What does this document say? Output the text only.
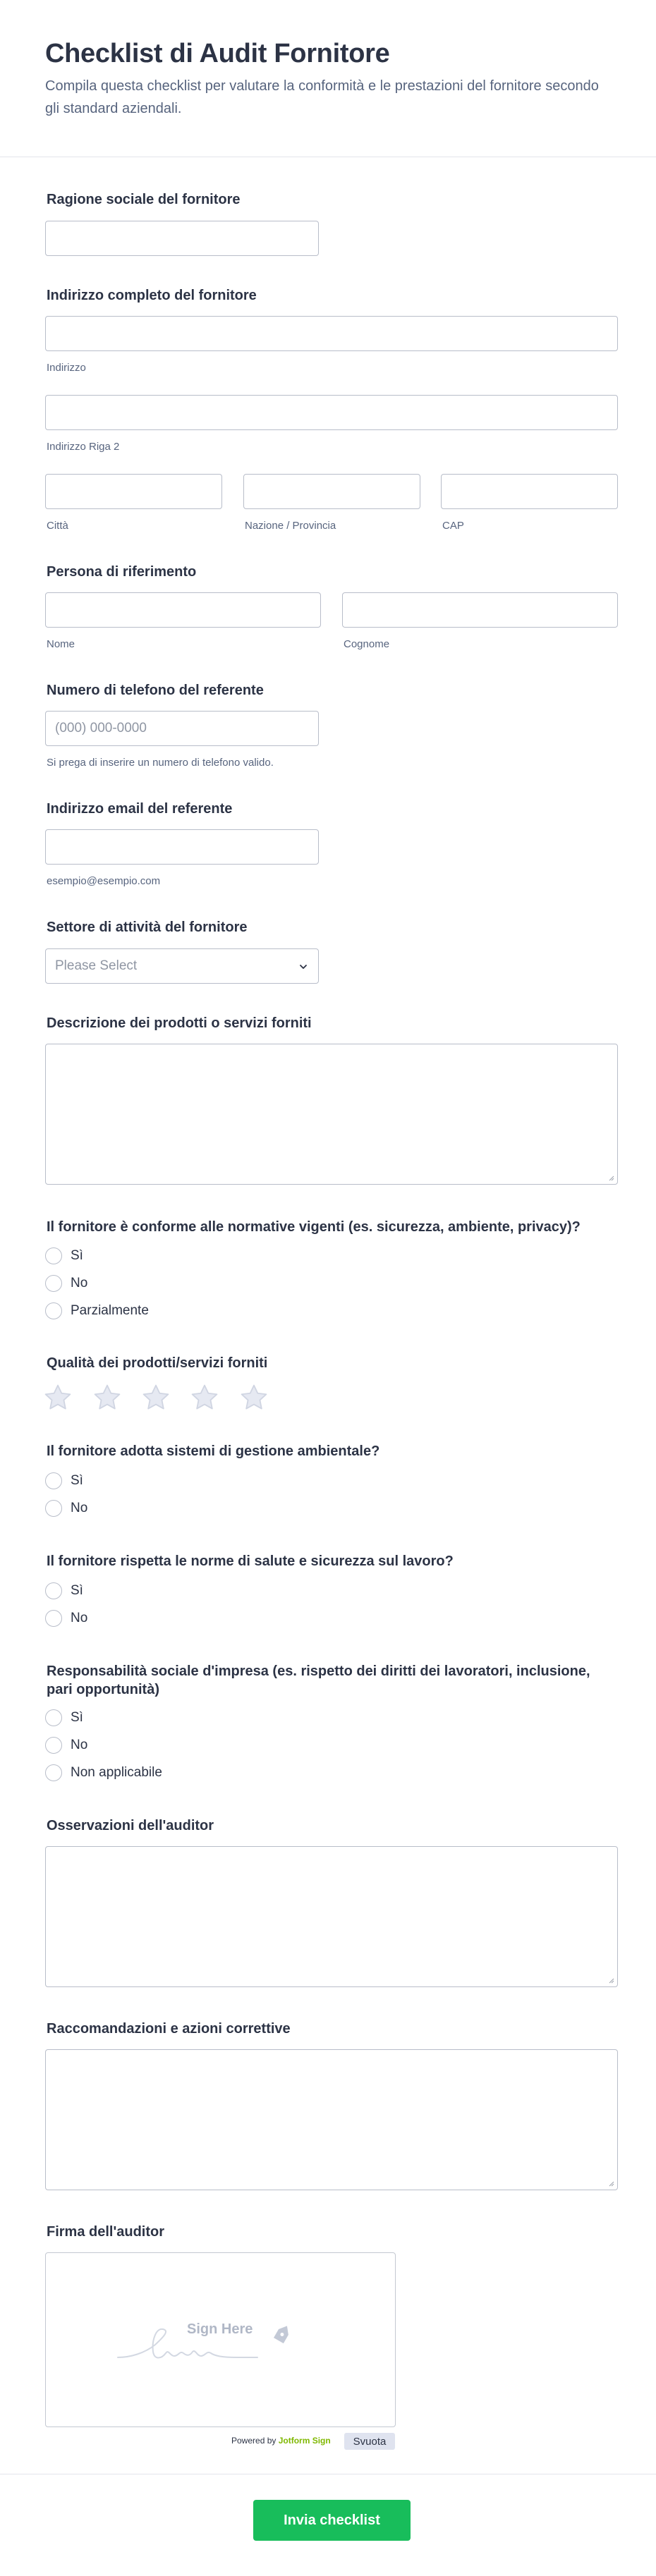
Checklist di Audit Fornitore

Compila questa checklist per valutare la conformità e le prestazioni del fornitore secondo gli standard aziendali.

Ragione sociale del fornitore
Indirizzo completo del fornitore
Indirizzo
Indirizzo Riga 2
Città	Nazione / Provincia	CAP
Persona di riferimento
Nome	Cognome
Numero di telefono del referente
(000) 000-0000
Si prega di inserire un numero di telefono valido.
Indirizzo email del referente
esempio@esempio.com
Settore di attività del fornitore
Please Select
Descrizione dei prodotti o servizi forniti
Il fornitore è conforme alle normative vigenti (es. sicurezza, ambiente, privacy)?
Sì
No
Parzialmente
Qualità dei prodotti/servizi forniti
Il fornitore adotta sistemi di gestione ambientale?
Sì
No
Il fornitore rispetta le norme di salute e sicurezza sul lavoro?
Sì
No
Responsabilità sociale d'impresa (es. rispetto dei diritti dei lavoratori, inclusione, pari opportunità)
Sì
No
Non applicabile
Osservazioni dell'auditor
Raccomandazioni e azioni correttive
Firma dell'auditor
Sign Here
Powered by Jotform Sign	Svuota
Invia checklist
